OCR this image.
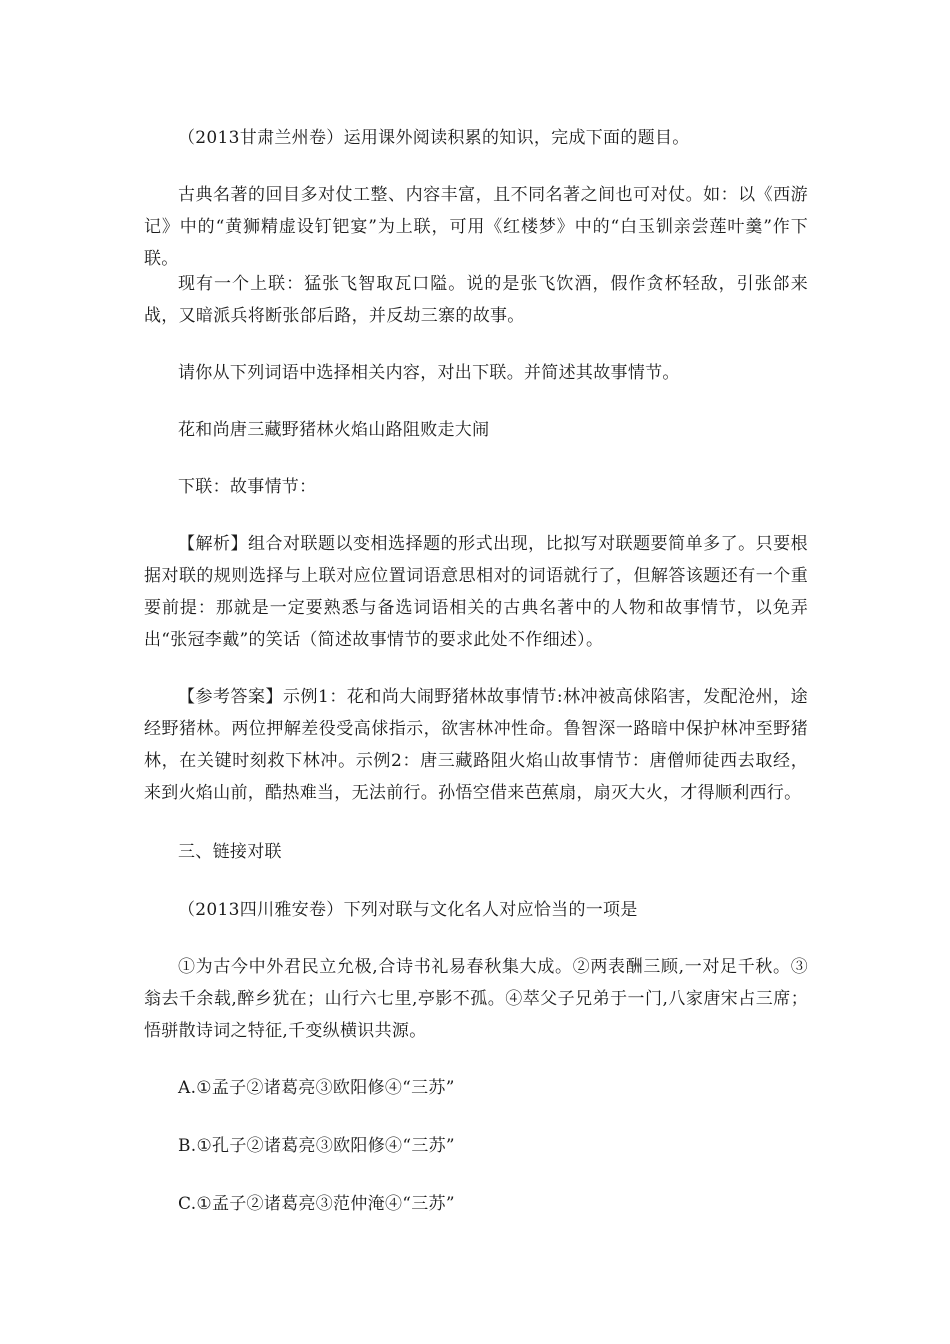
（2013甘肃兰州卷）运用课外阅读积累的知识，完成下面的题目。

古典名著的回目多对仗工整、内容丰富，且不同名著之间也可对仗。如：以《西游记》中的“黄狮精虚设钉钯宴”为上联，可用《红楼梦》中的“白玉钏亲尝莲叶羹”作下联。

现有一个上联：猛张飞智取瓦口隘。说的是张飞饮酒，假作贪杯轻敌，引张郃来战，又暗派兵将断张郃后路，并反劫三寨的故事。

请你从下列词语中选择相关内容，对出下联。并简述其故事情节。

花和尚唐三藏野猪林火焰山路阻败走大闹

下联：故事情节：

【解析】组合对联题以变相选择题的形式出现，比拟写对联题要简单多了。只要根据对联的规则选择与上联对应位置词语意思相对的词语就行了，但解答该题还有一个重要前提：那就是一定要熟悉与备选词语相关的古典名著中的人物和故事情节，以免弄出“张冠李戴”的笑话（简述故事情节的要求此处不作细述）。

【参考答案】示例1：花和尚大闹野猪林故事情节:林冲被高俅陷害，发配沧州，途经野猪林。两位押解差役受高俅指示，欲害林冲性命。鲁智深一路暗中保护林冲至野猪林，在关键时刻救下林冲。示例2：唐三藏路阻火焰山故事情节：唐僧师徒西去取经，来到火焰山前，酷热难当，无法前行。孙悟空借来芭蕉扇，扇灭大火，才得顺利西行。

三、链接对联

（2013四川雅安卷）下列对联与文化名人对应恰当的一项是

①为古今中外君民立允极,合诗书礼易春秋集大成。②两表酬三顾,一对足千秋。③翁去千余载,醉乡犹在；山行六七里,亭影不孤。④萃父子兄弟于一门,八家唐宋占三席；悟骈散诗词之特征,千变纵横识共源。

A.①孟子②诸葛亮③欧阳修④“三苏”

B.①孔子②诸葛亮③欧阳修④“三苏”

C.①孟子②诸葛亮③范仲淹④“三苏”
